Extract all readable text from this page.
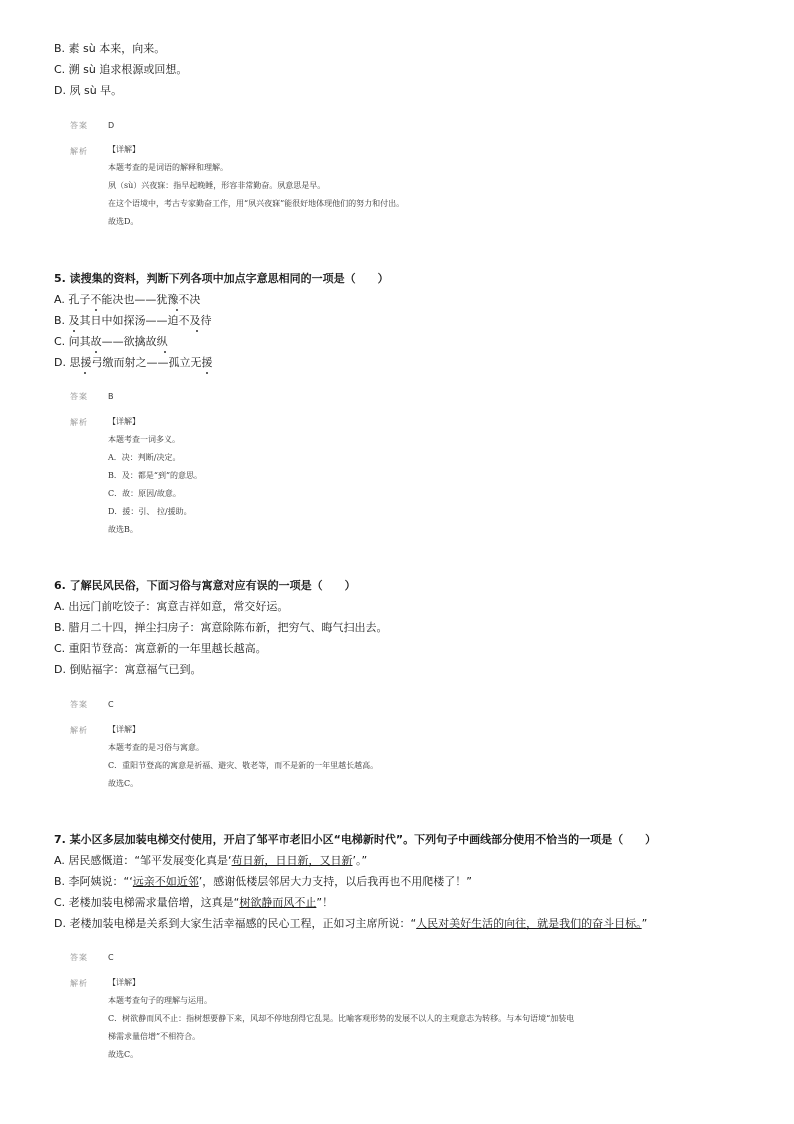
B. 素 sù 本来，向来。
C. 溯 sù 追求根源或回想。
D. 夙 sù 早。
答案	D
解析	【详解】
本题考查的是词语的解释和理解。
夙（sù）兴夜寐：指早起晚睡，形容非常勤奋。夙意思是早。
在这个语境中，考古专家勤奋工作，用“夙兴夜寐”能很好地体现他们的努力和付出。
故选D。
5. 读搜集的资料，判断下列各项中加点字意思相同的一项是（　　）
A. 孔子不能决也——犹豫不决
B. 及其日中如探汤——迫不及待
C. 问其故——欲擒故纵
D. 思援弓缴而射之——孤立无援
答案	B
解析	【详解】
本题考查一词多义。
A．决：判断/决定。
B．及：都是“到”的意思。
C．故：原因/故意。
D．援：引、 拉/援助。
故选B。
6. 了解民风民俗，下面习俗与寓意对应有误的一项是（　　）
A. 出远门前吃饺子：寓意吉祥如意，常交好运。
B. 腊月二十四，掸尘扫房子：寓意除陈布新，把穷气、晦气扫出去。
C. 重阳节登高：寓意新的一年里越长越高。
D. 倒贴福字：寓意福气已到。
答案	C
解析	【详解】
本题考查的是习俗与寓意。
C．重阳节登高的寓意是祈福、避灾、敬老等，而不是新的一年里越长越高。
故选C。
7. 某小区多层加装电梯交付使用，开启了邹平市老旧小区“电梯新时代”。下列句子中画线部分使用不恰当的一项是（　　）
A. 居民感慨道：“邹平发展变化真是‘苟日新，日日新，又日新’。”
B. 李阿姨说：“‘远亲不如近邻’，感谢低楼层邻居大力支持，以后我再也不用爬楼了！”
C. 老楼加装电梯需求量倍增，这真是“树欲静而风不止”！
D. 老楼加装电梯是关系到大家生活幸福感的民心工程，正如习主席所说：“人民对美好生活的向往，就是我们的奋斗目标。”
答案	C
解析	【详解】
本题考查句子的理解与运用。
C．树欲静而风不止：指树想要静下来，风却不停地刮得它乱晃。比喻客观形势的发展不以人的主观意志为转移。与本句语境“加装电
梯需求量倍增”不相符合。
故选C。
